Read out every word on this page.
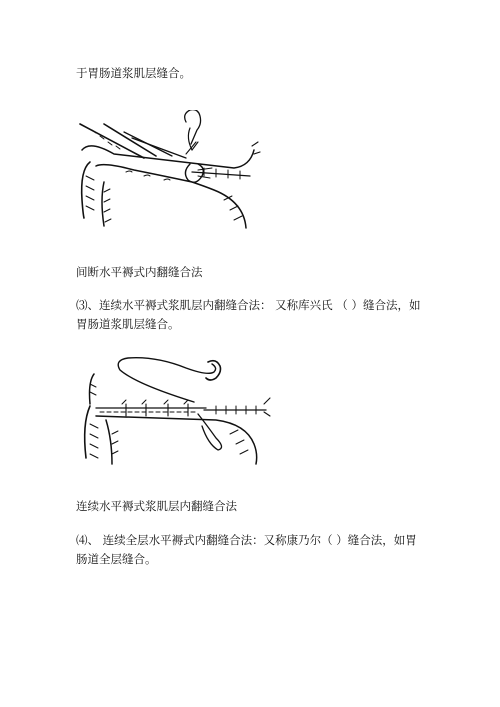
于胃肠道浆肌层缝合。
间断水平褥式内翻缝合法
⑶、连续水平褥式浆肌层内翻缝合法： 又称库兴氏 （ ）缝合法，如
胃肠道浆肌层缝合。
连续水平褥式浆肌层内翻缝合法
⑷、 连续全层水平褥式内翻缝合法：又称康乃尔（ ）缝合法，如胃
肠道全层缝合。
